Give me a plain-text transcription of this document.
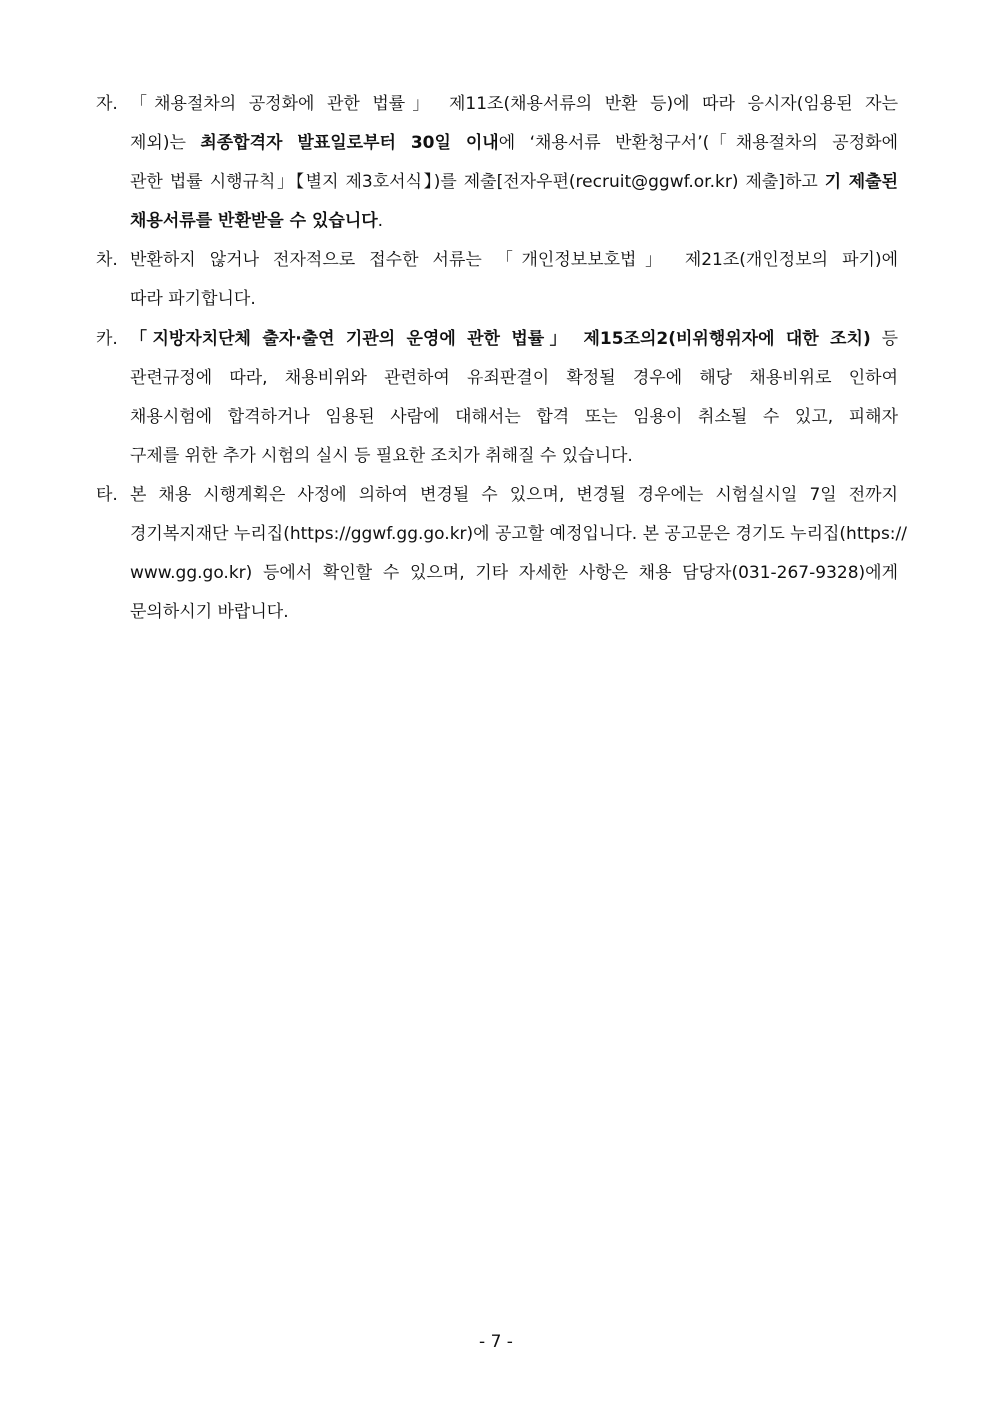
자. 「채용절차의 공정화에 관한 법률」 제11조(채용서류의 반환 등)에 따라 응시자(임용된 자는
제외)는 최종합격자 발표일로부터 30일 이내에 ‘채용서류 반환청구서’(「채용절차의 공정화에
관한 법률 시행규칙」【별지 제3호서식】)를 제출[전자우편(recruit@ggwf.or.kr) 제출]하고 기 제출된
채용서류를 반환받을 수 있습니다.
차. 반환하지 않거나 전자적으로 접수한 서류는 「개인정보보호법」 제21조(개인정보의 파기)에
따라 파기합니다.
카. 「지방자치단체 출자·출연 기관의 운영에 관한 법률」 제15조의2(비위행위자에 대한 조치) 등
관련규정에 따라, 채용비위와 관련하여 유죄판결이 확정될 경우에 해당 채용비위로 인하여
채용시험에 합격하거나 임용된 사람에 대해서는 합격 또는 임용이 취소될 수 있고, 피해자
구제를 위한 추가 시험의 실시 등 필요한 조치가 취해질 수 있습니다.
타. 본 채용 시행계획은 사정에 의하여 변경될 수 있으며, 변경될 경우에는 시험실시일 7일 전까지
경기복지재단 누리집(https://ggwf.gg.go.kr)에 공고할 예정입니다. 본 공고문은 경기도 누리집(https://
www.gg.go.kr) 등에서 확인할 수 있으며, 기타 자세한 사항은 채용 담당자(031-267-9328)에게
문의하시기 바랍니다.
- 7 -
